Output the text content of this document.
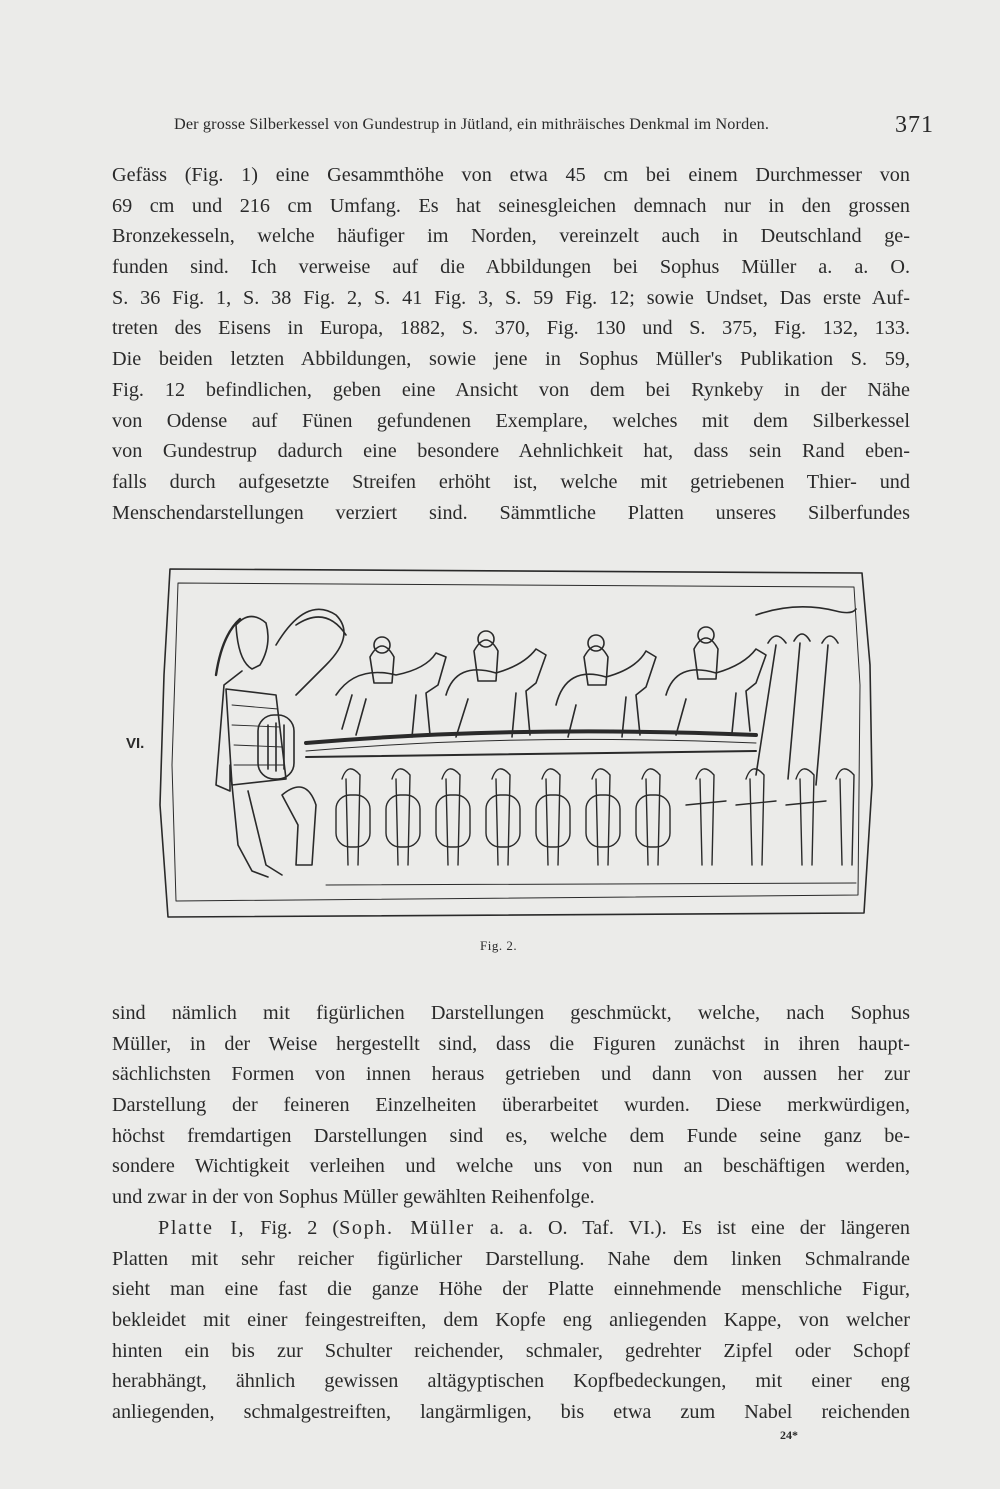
Der grosse Silberkessel von Gundestrup in Jütland, ein mithräisches Denkmal im Norden.	371

Gefäss (Fig. 1) eine Gesammthöhe von etwa 45 cm bei einem Durchmesser von
69 cm und 216 cm Umfang. Es hat seinesgleichen demnach nur in den grossen
Bronzekesseln, welche häufiger im Norden, vereinzelt auch in Deutschland ge-
funden sind. Ich verweise auf die Abbildungen bei Sophus Müller a. a. O.
S. 36 Fig. 1, S. 38 Fig. 2, S. 41 Fig. 3, S. 59 Fig. 12; sowie Undset, Das erste Auf-
treten des Eisens in Europa, 1882, S. 370, Fig. 130 und S. 375, Fig. 132, 133.
Die beiden letzten Abbildungen, sowie jene in Sophus Müller's Publikation S. 59,
Fig. 12 befindlichen, geben eine Ansicht von dem bei Rynkeby in der Nähe
von Odense auf Fünen gefundenen Exemplare, welches mit dem Silberkessel
von Gundestrup dadurch eine besondere Aehnlichkeit hat, dass sein Rand eben-
falls durch aufgesetzte Streifen erhöht ist, welche mit getriebenen Thier- und
Menschendarstellungen verziert sind. Sämmtliche Platten unseres Silberfundes

VI.
Fig. 2.

sind nämlich mit figürlichen Darstellungen geschmückt, welche, nach Sophus
Müller, in der Weise hergestellt sind, dass die Figuren zunächst in ihren haupt-
sächlichsten Formen von innen heraus getrieben und dann von aussen her zur
Darstellung der feineren Einzelheiten überarbeitet wurden. Diese merkwürdigen,
höchst fremdartigen Darstellungen sind es, welche dem Funde seine ganz be-
sondere Wichtigkeit verleihen und welche uns von nun an beschäftigen werden,
und zwar in der von Sophus Müller gewählten Reihenfolge.

Platte I, Fig. 2 (Soph. Müller a. a. O. Taf. VI.). Es ist eine der längeren
Platten mit sehr reicher figürlicher Darstellung. Nahe dem linken Schmalrande
sieht man eine fast die ganze Höhe der Platte einnehmende menschliche Figur,
bekleidet mit einer feingestreiften, dem Kopfe eng anliegenden Kappe, von welcher
hinten ein bis zur Schulter reichender, schmaler, gedrehter Zipfel oder Schopf
herabhängt, ähnlich gewissen altägyptischen Kopfbedeckungen, mit einer eng
anliegenden, schmalgestreiften, langärmligen, bis etwa zum Nabel reichenden

24*
